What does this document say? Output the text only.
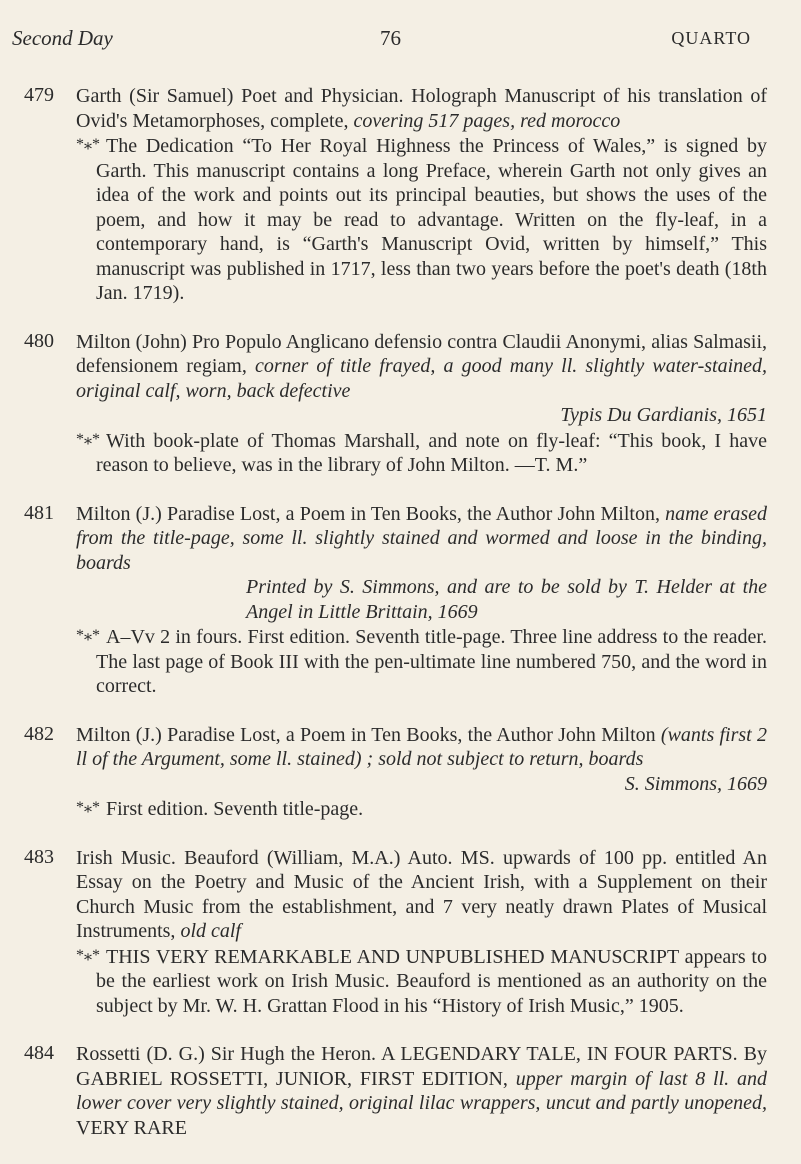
Second Day	76	QUARTO
479	Garth (Sir Samuel) Poet and Physician. Holograph Manuscript of his translation of Ovid's Metamorphoses, complete, covering 517 pages, red morocco
*⁎* The Dedication “To Her Royal Highness the Princess of Wales,” is signed by Garth. This manuscript contains a long Preface, wherein Garth not only gives an idea of the work and points out its principal beauties, but shows the uses of the poem, and how it may be read to advantage. Written on the fly-leaf, in a contemporary hand, is “Garth's Manuscript Ovid, written by himself,” This manuscript was published in 1717, less than two years before the poet's death (18th Jan. 1719).
480	Milton (John) Pro Populo Anglicano defensio contra Claudii Anonymi, alias Salmasii, defensionem regiam, corner of title frayed, a good many ll. slightly water-stained, original calf, worn, back defective
Typis Du Gardianis, 1651
*⁎* With book-plate of Thomas Marshall, and note on fly-leaf: “This book, I have reason to believe, was in the library of John Milton. —T. M.”
481	Milton (J.) Paradise Lost, a Poem in Ten Books, the Author John Milton, name erased from the title-page, some ll. slightly stained and wormed and loose in the binding, boards
Printed by S. Simmons, and are to be sold by T. Helder at the Angel in Little Brittain, 1669
*⁎* A–Vv 2 in fours. First edition. Seventh title-page. Three line address to the reader. The last page of Book III with the pen-ultimate line numbered 750, and the word in correct.
482	Milton (J.) Paradise Lost, a Poem in Ten Books, the Author John Milton (wants first 2 ll of the Argument, some ll. stained) ; sold not subject to return, boards
S. Simmons, 1669
*⁎* First edition. Seventh title-page.
483	Irish Music. Beauford (William, M.A.) Auto. MS. upwards of 100 pp. entitled An Essay on the Poetry and Music of the Ancient Irish, with a Supplement on their Church Music from the establishment, and 7 very neatly drawn Plates of Musical Instruments, old calf
*⁎* THIS VERY REMARKABLE AND UNPUBLISHED MANUSCRIPT appears to be the earliest work on Irish Music. Beauford is mentioned as an authority on the subject by Mr. W. H. Grattan Flood in his “History of Irish Music,” 1905.
484	Rossetti (D. G.) Sir Hugh the Heron. A LEGENDARY TALE, IN FOUR PARTS. By GABRIEL ROSSETTI, JUNIOR, FIRST EDITION, upper margin of last 8 ll. and lower cover very slightly stained, original lilac wrappers, uncut and partly unopened, VERY RARE
